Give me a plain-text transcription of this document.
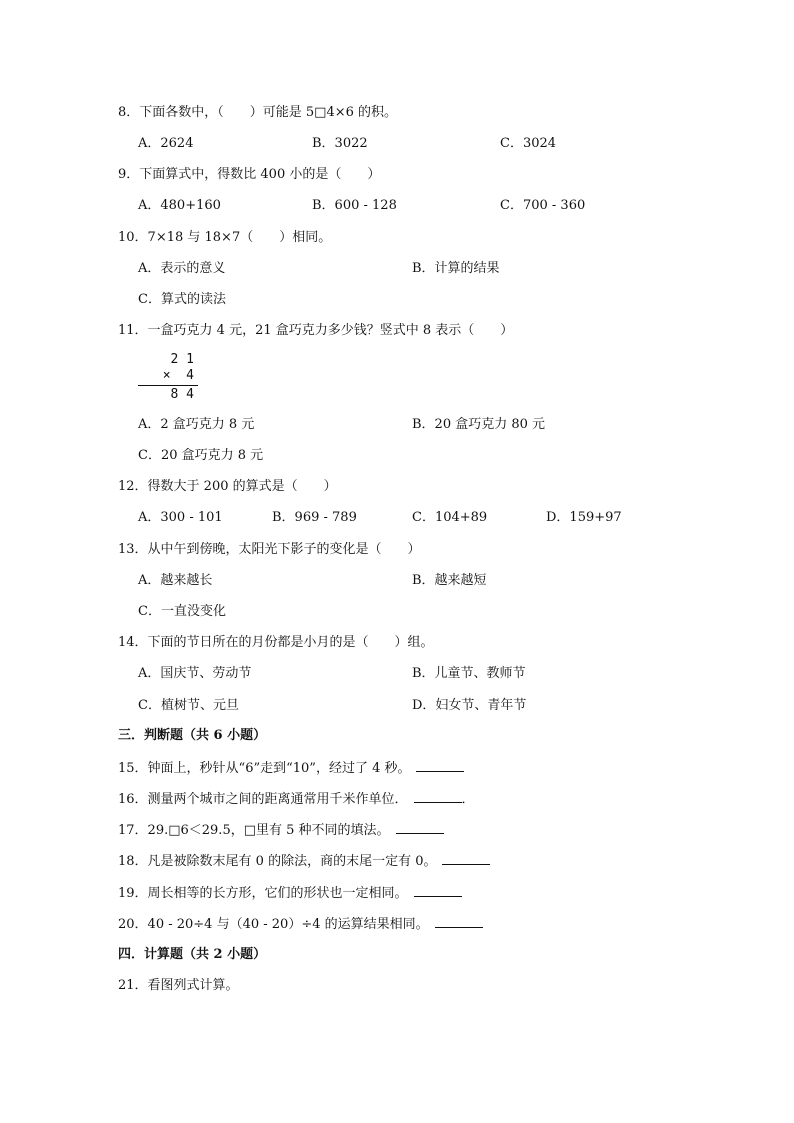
8．下面各数中，（　　）可能是 5□4×6 的积。
A．2624	B．3022	C．3024
9．下面算式中，得数比 400 小的是（　　）
A．480+160	B．600 - 128	C．700 - 360
10．7×18 与 18×7（　　）相同。
A．表示的意义	B．计算的结果
C．算式的读法
11．一盒巧克力 4 元，21 盒巧克力多少钱？竖式中 8 表示（　　）
2 1
×  4
8 4
A．2 盒巧克力 8 元	B．20 盒巧克力 80 元
C．20 盒巧克力 8 元
12．得数大于 200 的算式是（　　）
A．300 - 101	B．969 - 789	C．104+89	D．159+97
13．从中午到傍晚，太阳光下影子的变化是（　　）
A．越来越长	B．越来越短
C．一直没变化
14．下面的节日所在的月份都是小月的是（　　）组。
A．国庆节、劳动节	B．儿童节、教师节
C．植树节、元旦	D．妇女节、青年节
三．判断题（共 6 小题）
15．钟面上，秒针从“6”走到“10”，经过了 4 秒。
16．测量两个城市之间的距离通常用千米作单位．	．
17．29.□6＜29.5，□里有 5 种不同的填法。
18．凡是被除数末尾有 0 的除法，商的末尾一定有 0。
19．周长相等的长方形，它们的形状也一定相同。
20．40 - 20÷4 与（40 - 20）÷4 的运算结果相同。
四．计算题（共 2 小题）
21．看图列式计算。
